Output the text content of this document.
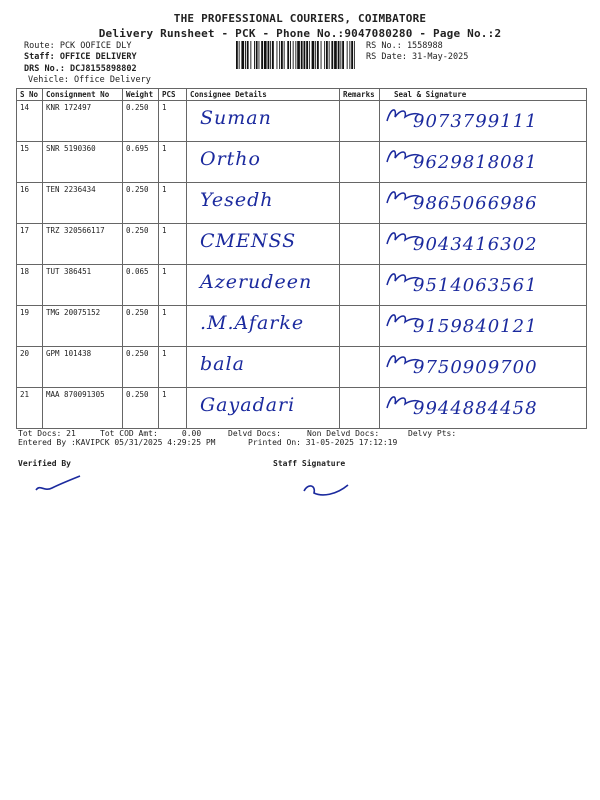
THE PROFESSIONAL COURIERS, COIMBATORE
Delivery Runsheet - PCK - Phone No.:9047080280 - Page No.:2
Route: PCK OOFICE DLY
Staff: OFFICE DELIVERY
DRS No.: DCJ8155898802
Vehicle: Office Delivery
RS No.: 1558988
RS Date: 31-May-2025
S No	Consignment No	Weight	PCS	Consignee Details	Remarks	Seal & Signature
14	KNR 172497	0.250	1	Suman		9073799111

15	SNR 5190360	0.695	1	Ortho		9629818081

16	TEN 2236434	0.250	1	Yesedh		9865066986

17	TRZ 320566117	0.250	1	CMENSS		9043416302

18	TUT 386451	0.065	1	Azerudeen		9514063561

19	TMG 20075152	0.250	1	.M.Afarke		9159840121

20	GPM 101438	0.250	1	bala		9750909700

21	MAA 870091305	0.250	1	Gayadari		9944884458
Tot Docs: 21	Tot COD Amt:     0.00	Delvd Docs:	Non Delvd Docs:	Delvy Pts:
Entered By :KAVIPCK 05/31/2025 4:29:25 PM	Printed On: 31-05-2025 17:12:19
Verified By	Staff Signature
